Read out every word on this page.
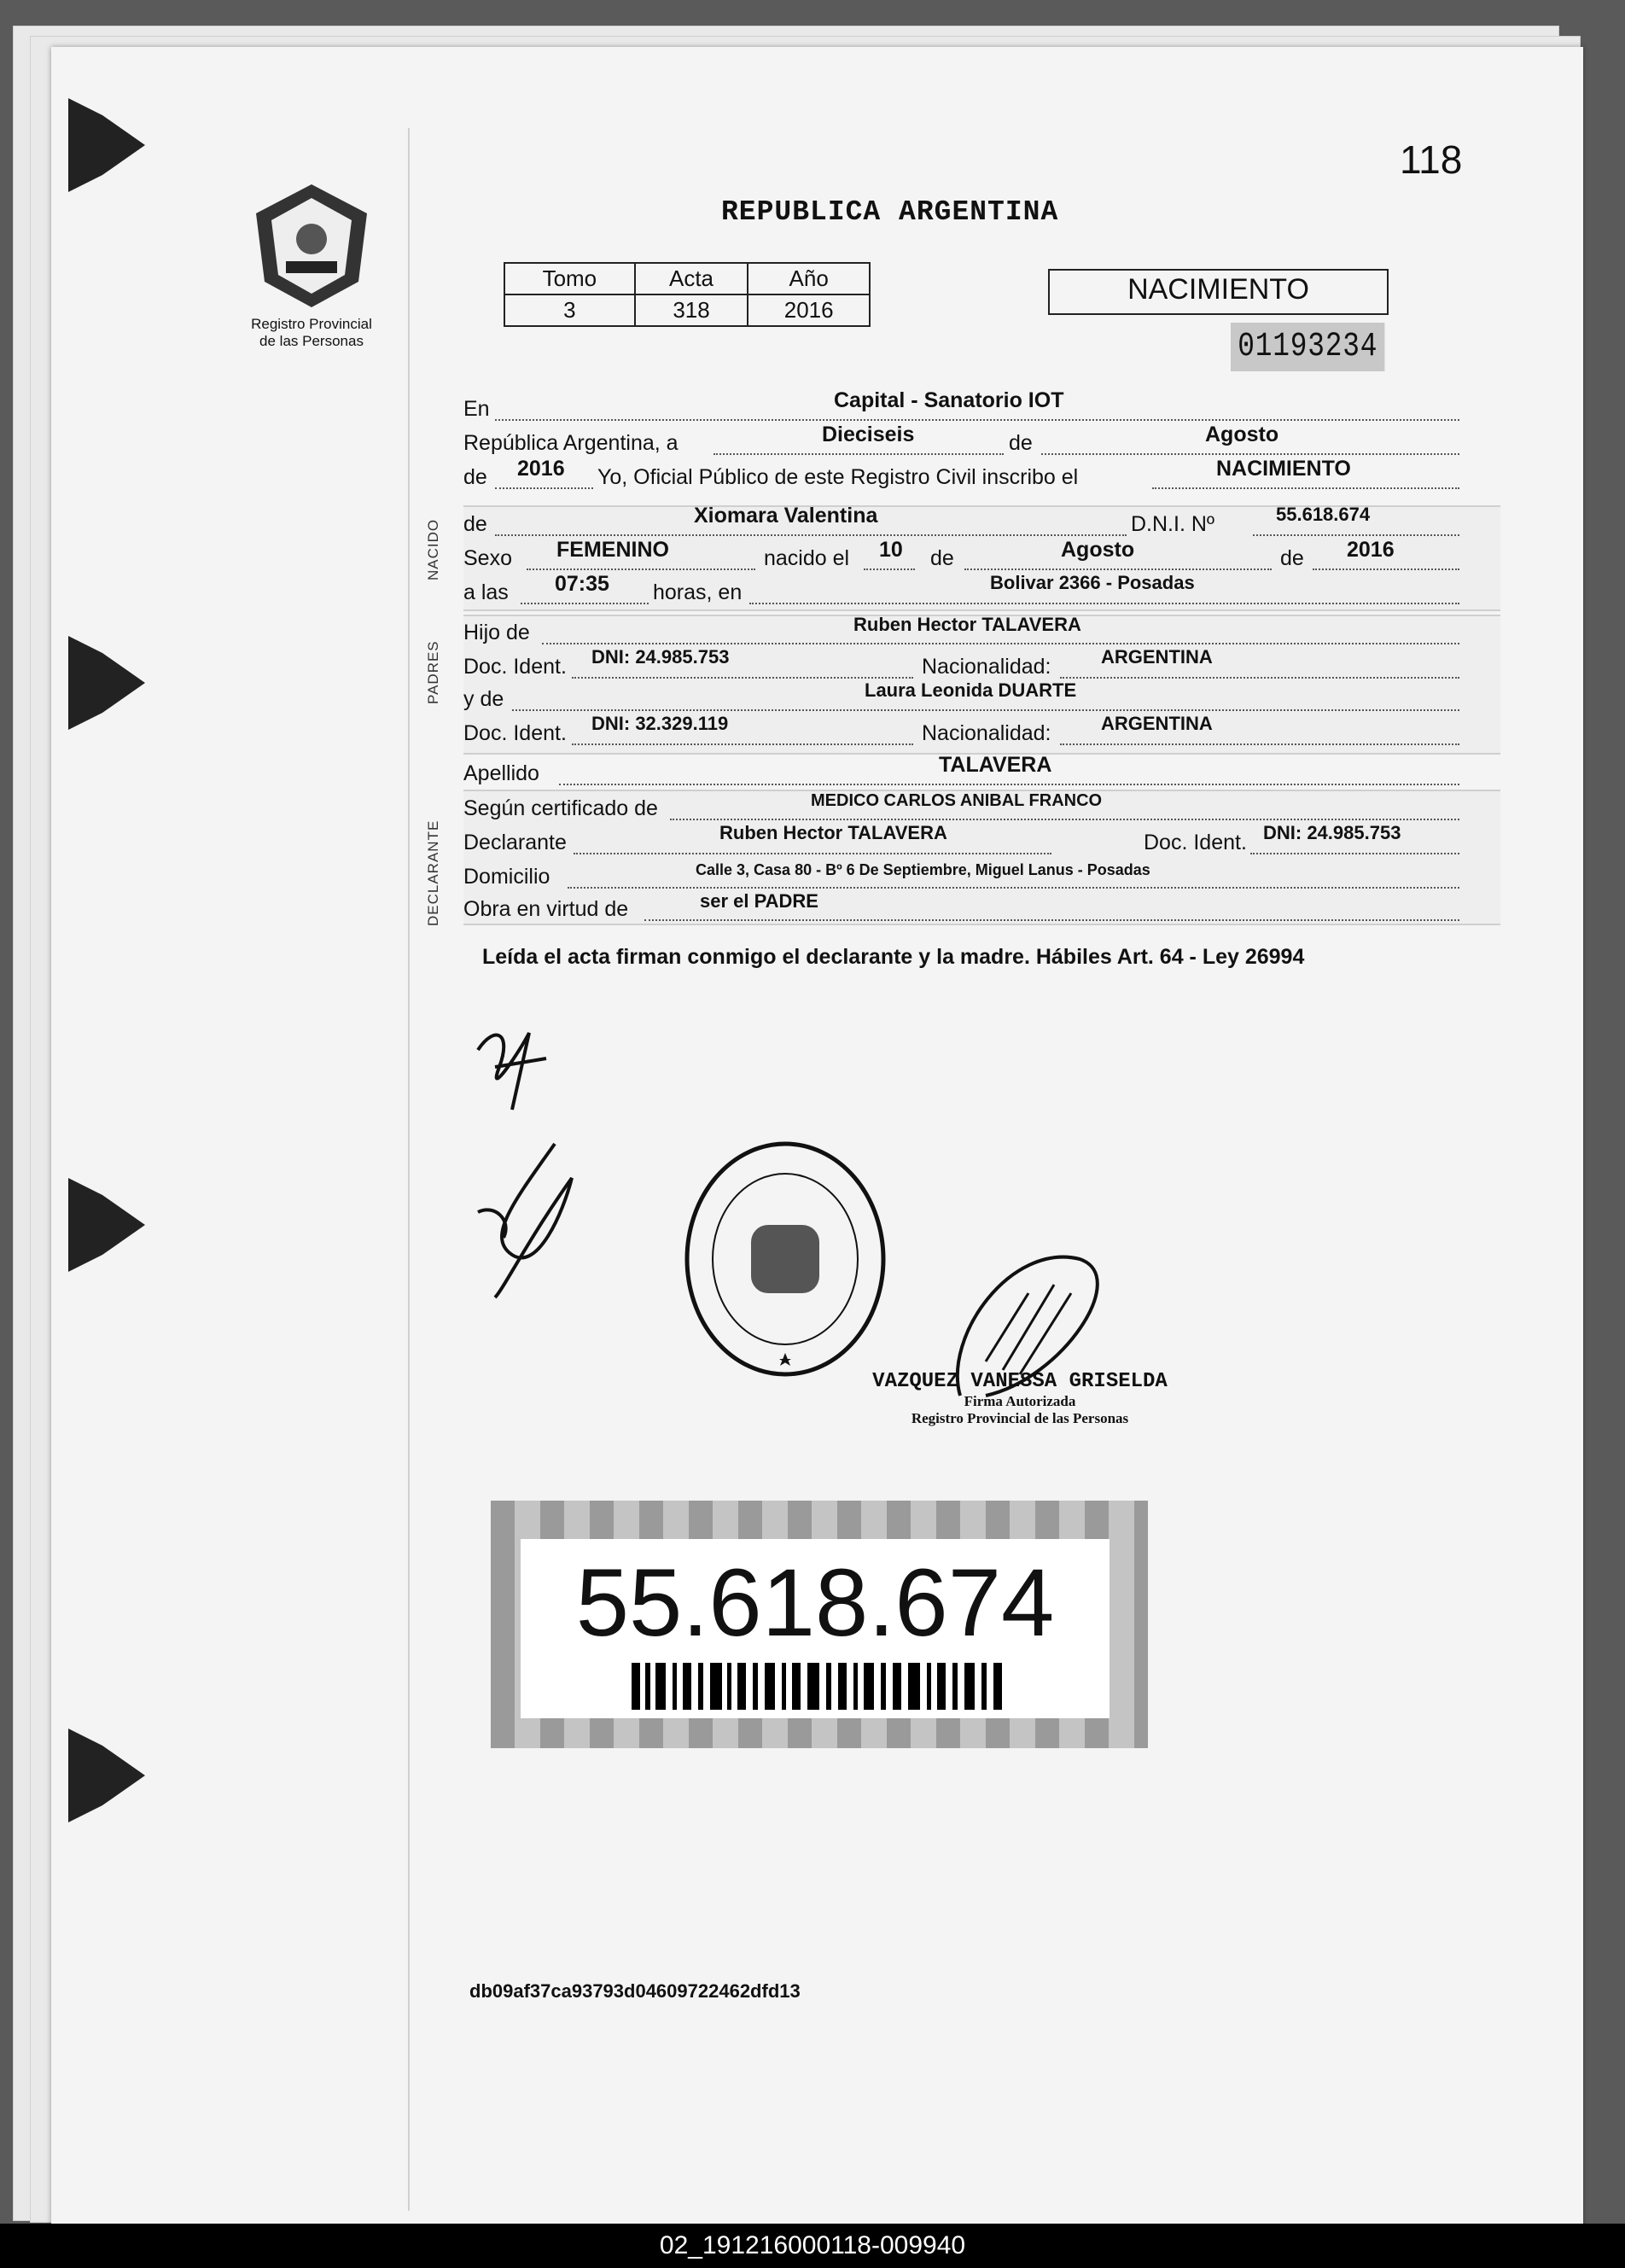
118
Registro Provincial
de las Personas
REPUBLICA ARGENTINA
Tomo	Acta	Año
3	318	2016
NACIMIENTO
01193234
En	Capital - Sanatorio IOT
República Argentina, a	Dieciseis	de	Agosto
de 2016 Yo, Oficial Público de este Registro Civil inscribo el	NACIMIENTO
NACIDO de	Xiomara Valentina	D.N.I. Nº	55.618.674
Sexo FEMENINO	nacido el 10 de	Agosto	de 2016
a las 07:35 horas, en	Bolivar 2366 - Posadas
PADRES
Hijo de	Ruben Hector TALAVERA
Doc. Ident. DNI: 24.985.753	Nacionalidad:	ARGENTINA
y de	Laura Leonida DUARTE
Doc. Ident. DNI: 32.329.119	Nacionalidad:	ARGENTINA
Apellido	TALAVERA
DECLARANTE
Según certificado de	MEDICO CARLOS ANIBAL FRANCO
Declarante	Ruben Hector TALAVERA	Doc. Ident. DNI: 24.985.753
Domicilio	Calle 3, Casa 80 - Bº 6 De Septiembre, Miguel Lanus - Posadas
Obra en virtud de	ser el PADRE
Leída el acta firman conmigo el declarante y la madre. Hábiles Art. 64 - Ley 26994
VAZQUEZ VANESSA GRISELDA
Firma Autorizada
Registro Provincial de las Personas
55.618.674
db09af37ca93793d04609722462dfd13
02_191216000118-009940
